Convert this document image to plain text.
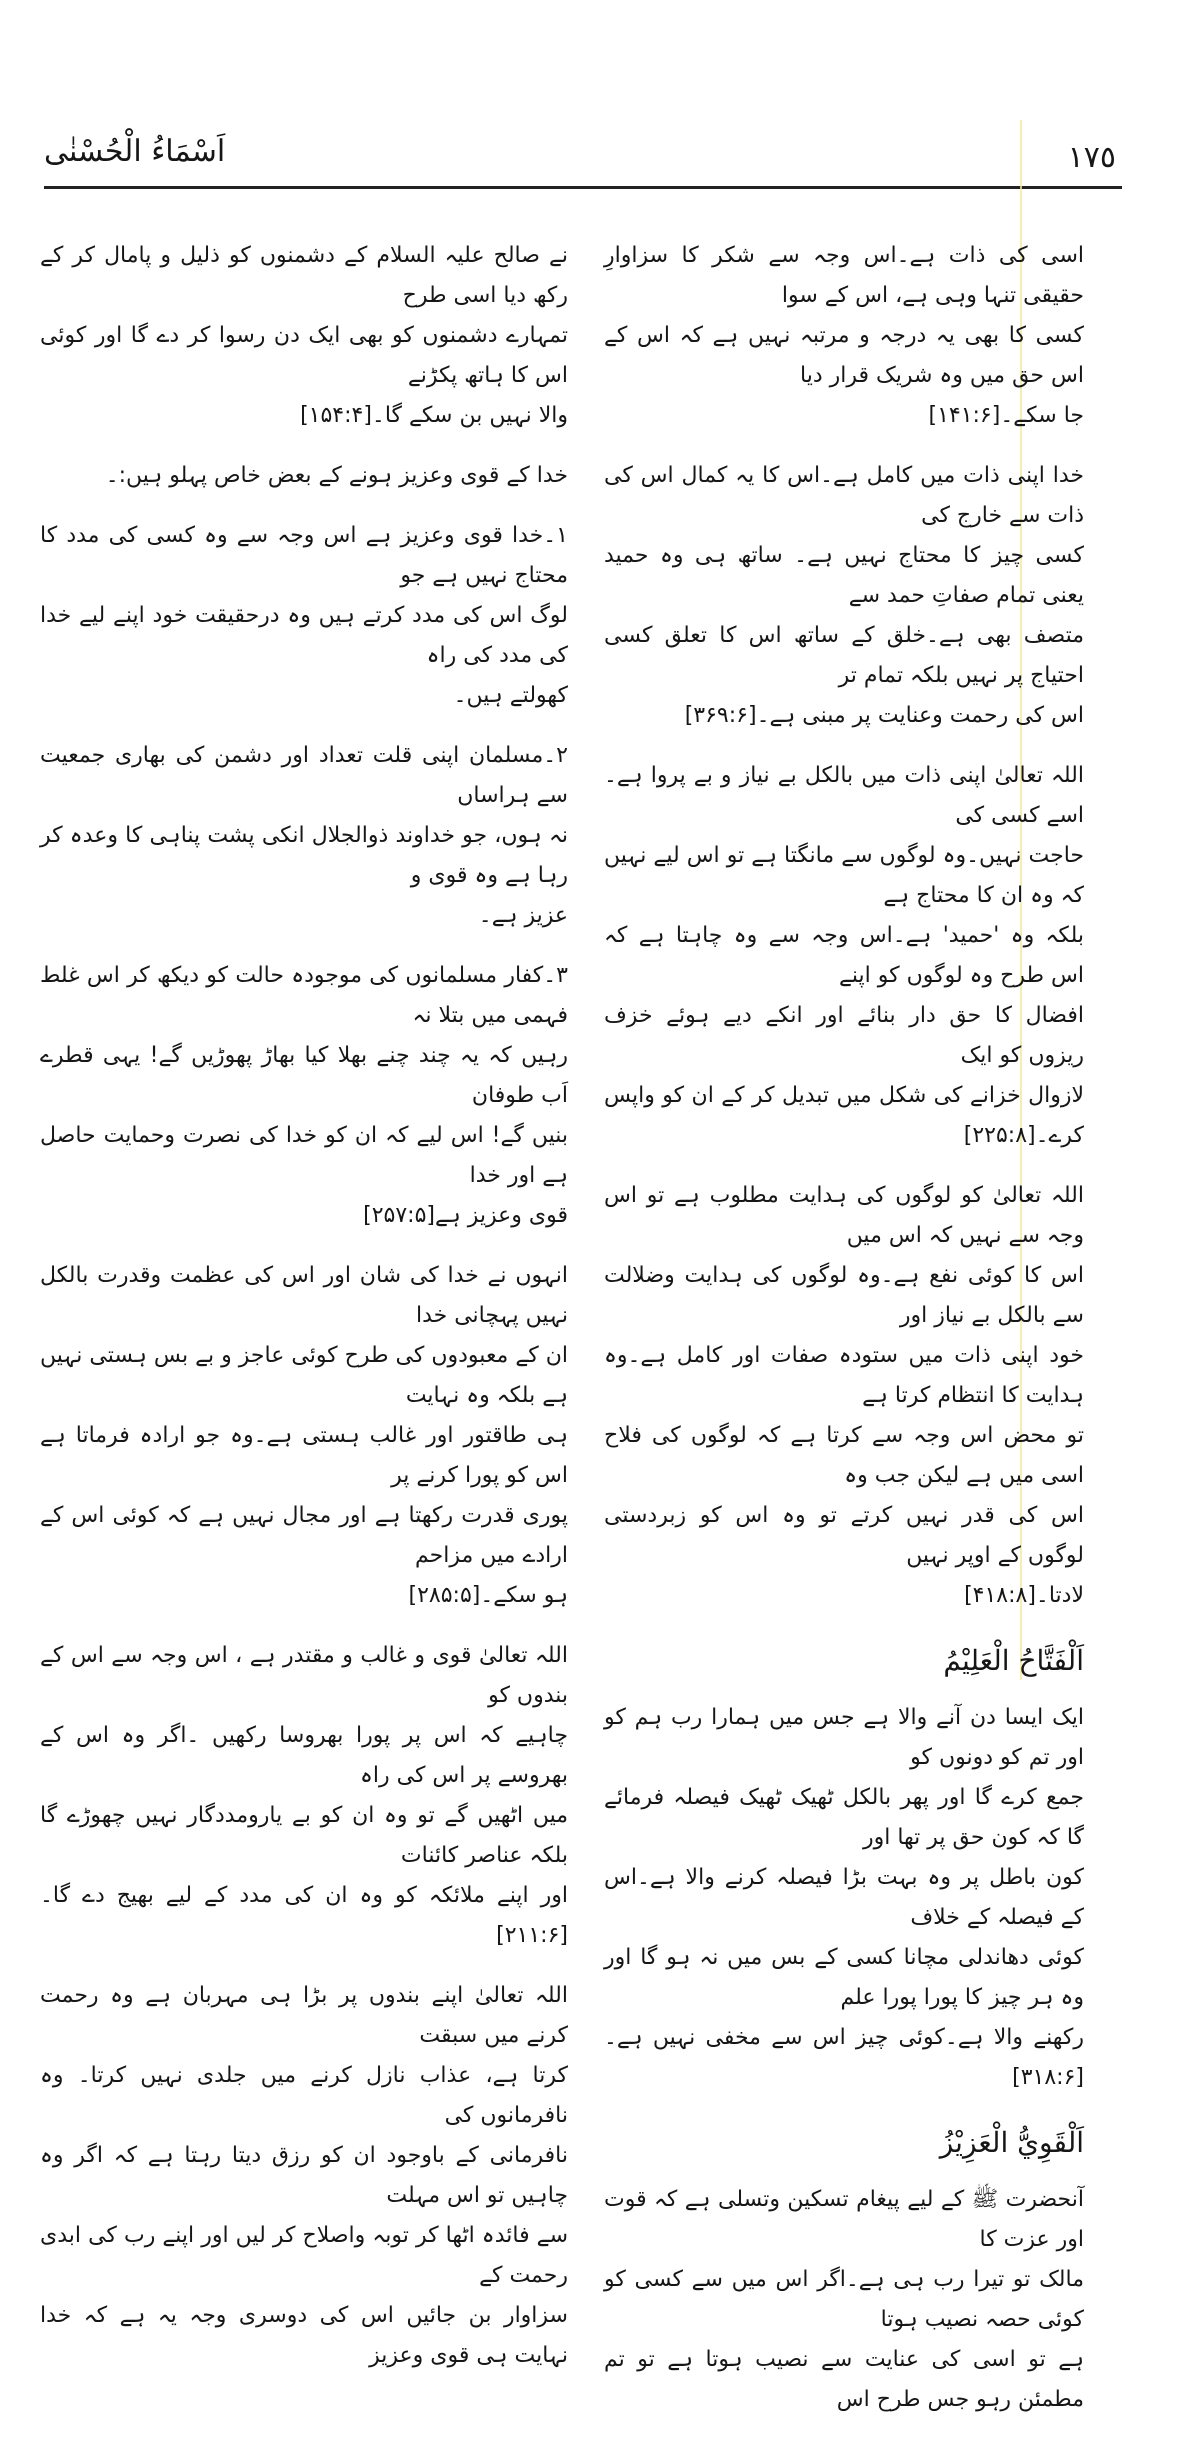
١٧٥
اَسْمَاءُ الْحُسْنٰی
اسی کی ذات ہے۔اس وجہ سے شکر کا سزاوارِ حقیقی تنہا وہی ہے، اس کے سوا
کسی کا بھی یہ درجہ و مرتبہ نہیں ہے کہ اس کے اس حق میں وہ شریک قرار دیا
جا سکے۔[۱۴۱:۶]
خدا اپنی ذات میں کامل ہے۔اس کا یہ کمال اس کی ذات سے خارج کی
کسی چیز کا محتاج نہیں ہے۔ ساتھ ہی وہ حمید یعنی تمام صفاتِ حمد سے
متصف بھی ہے۔خلق کے ساتھ اس کا تعلق کسی احتیاج پر نہیں بلکہ تمام تر
اس کی رحمت وعنایت پر مبنی ہے۔[۳۶۹:۶]
اللہ تعالیٰ اپنی ذات میں بالکل بے نیاز و بے پروا ہے۔اسے کسی کی
حاجت نہیں۔وہ لوگوں سے مانگتا ہے تو اس لیے نہیں کہ وہ ان کا محتاج ہے
بلکہ وہ 'حمید' ہے۔اس وجہ سے وہ چاہتا ہے کہ اس طرح وہ لوگوں کو اپنے
افضال کا حق دار بنائے اور انکے دیے ہوئے خزف ریزوں کو ایک
لازوال خزانے کی شکل میں تبدیل کر کے ان کو واپس کرے۔[۲۲۵:۸]
اللہ تعالیٰ کو لوگوں کی ہدایت مطلوب ہے تو اس وجہ سے نہیں کہ اس میں
اس کا کوئی نفع ہے۔وہ لوگوں کی ہدایت وضلالت سے بالکل بے نیاز اور
خود اپنی ذات میں ستودہ صفات اور کامل ہے۔وہ ہدایت کا انتظام کرتا ہے
تو محض اس وجہ سے کرتا ہے کہ لوگوں کی فلاح اسی میں ہے لیکن جب وہ
اس کی قدر نہیں کرتے تو وہ اس کو زبردستی لوگوں کے اوپر نہیں
لادتا۔[۴۱۸:۸]
اَلْفَتَّاحُ الْعَلِيْمُ
ایک ایسا دن آنے والا ہے جس میں ہمارا رب ہم کو اور تم کو دونوں کو
جمع کرے گا اور پھر بالکل ٹھیک ٹھیک فیصلہ فرمائے گا کہ کون حق پر تھا اور
کون باطل پر وہ بہت بڑا فیصلہ کرنے والا ہے۔اس کے فیصلہ کے خلاف
کوئی دھاندلی مچانا کسی کے بس میں نہ ہو گا اور وہ ہر چیز کا پورا پورا علم
رکھنے والا ہے۔کوئی چیز اس سے مخفی نہیں ہے۔[۳۱۸:۶]
اَلْقَوِيُّ الْعَزِيْزُ
آنحضرت ﷺ کے لیے پیغام تسکین وتسلی ہے کہ قوت اور عزت کا
مالک تو تیرا رب ہی ہے۔اگر اس میں سے کسی کو کوئی حصہ نصیب ہوتا
ہے تو اسی کی عنایت سے نصیب ہوتا ہے تو تم مطمئن رہو جس طرح اس
نے صالح علیہ السلام کے دشمنوں کو ذلیل و پامال کر کے رکھ دیا اسی طرح
تمہارے دشمنوں کو بھی ایک دن رسوا کر دے گا اور کوئی اس کا ہاتھ پکڑنے
والا نہیں بن سکے گا۔[۱۵۴:۴]
خدا کے قوی وعزیز ہونے کے بعض خاص پہلو ہیں:۔
۱۔خدا قوی وعزیز ہے اس وجہ سے وہ کسی کی مدد کا محتاج نہیں ہے جو
لوگ اس کی مدد کرتے ہیں وہ درحقیقت خود اپنے لیے خدا کی مدد کی راہ
کھولتے ہیں۔
۲۔مسلمان اپنی قلت تعداد اور دشمن کی بھاری جمعیت سے ہراساں
نہ ہوں، جو خداوند ذوالجلال انکی پشت پناہی کا وعدہ کر رہا ہے وہ قوی و
عزیز ہے۔
۳۔کفار مسلمانوں کی موجودہ حالت کو دیکھ کر اس غلط فہمی میں بتلا نہ
رہیں کہ یہ چند چنے بھلا کیا بھاڑ پھوڑیں گے! یہی قطرے اَب طوفان
بنیں گے! اس لیے کہ ان کو خدا کی نصرت وحمایت حاصل ہے اور خدا
قوی وعزیز ہے[۲۵۷:۵]
انہوں نے خدا کی شان اور اس کی عظمت وقدرت بالکل نہیں پہچانی خدا
ان کے معبودوں کی طرح کوئی عاجز و بے بس ہستی نہیں ہے بلکہ وہ نہایت
ہی طاقتور اور غالب ہستی ہے۔وہ جو ارادہ فرماتا ہے اس کو پورا کرنے پر
پوری قدرت رکھتا ہے اور مجال نہیں ہے کہ کوئی اس کے ارادے میں مزاحم
ہو سکے۔[۲۸۵:۵]
اللہ تعالیٰ قوی و غالب و مقتدر ہے ، اس وجہ سے اس کے بندوں کو
چاہیے کہ اس پر پورا بھروسا رکھیں ۔اگر وہ اس کے بھروسے پر اس کی راہ
میں اٹھیں گے تو وہ ان کو بے یارومددگار نہیں چھوڑے گا بلکہ عناصر کائنات
اور اپنے ملائکہ کو وہ ان کی مدد کے لیے بھیج دے گا۔[۲۱۱:۶]
اللہ تعالیٰ اپنے بندوں پر بڑا ہی مہربان ہے وہ رحمت کرنے میں سبقت
کرتا ہے، عذاب نازل کرنے میں جلدی نہیں کرتا۔ وہ نافرمانوں کی
نافرمانی کے باوجود ان کو رزق دیتا رہتا ہے کہ اگر وہ چاہیں تو اس مہلت
سے فائدہ اٹھا کر توبہ واصلاح کر لیں اور اپنے رب کی ابدی رحمت کے
سزاوار بن جائیں اس کی دوسری وجہ یہ ہے کہ خدا نہایت ہی قوی وعزیز
